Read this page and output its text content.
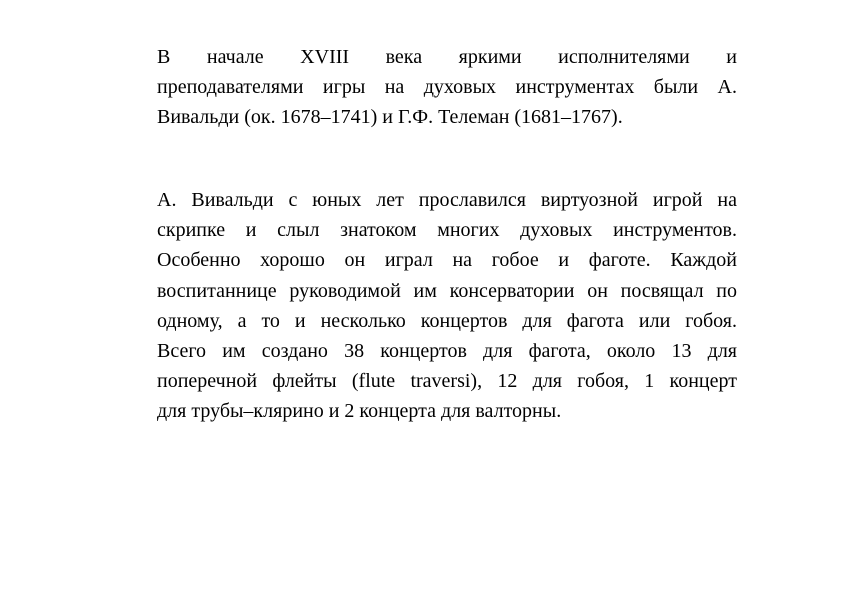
В начале XVIII века яркими исполнителями и
преподавателями игры на духовых инструментах были А.
Вивальди (ок. 1678–1741) и Г.Ф. Телеман (1681–1767).
А. Вивальди с юных лет прославился виртуозной игрой на
скрипке и слыл знатоком многих духовых инструментов.
Особенно хорошо он играл на гобое и фаготе. Каждой
воспитаннице руководимой им консерватории он посвящал по
одному, а то и несколько концертов для фагота или гобоя.
Всего им создано 38 концертов для фагота, около 13 для
поперечной флейты (flute traversi), 12 для гобоя, 1 концерт
для трубы–клярино и 2 концерта для валторны.
